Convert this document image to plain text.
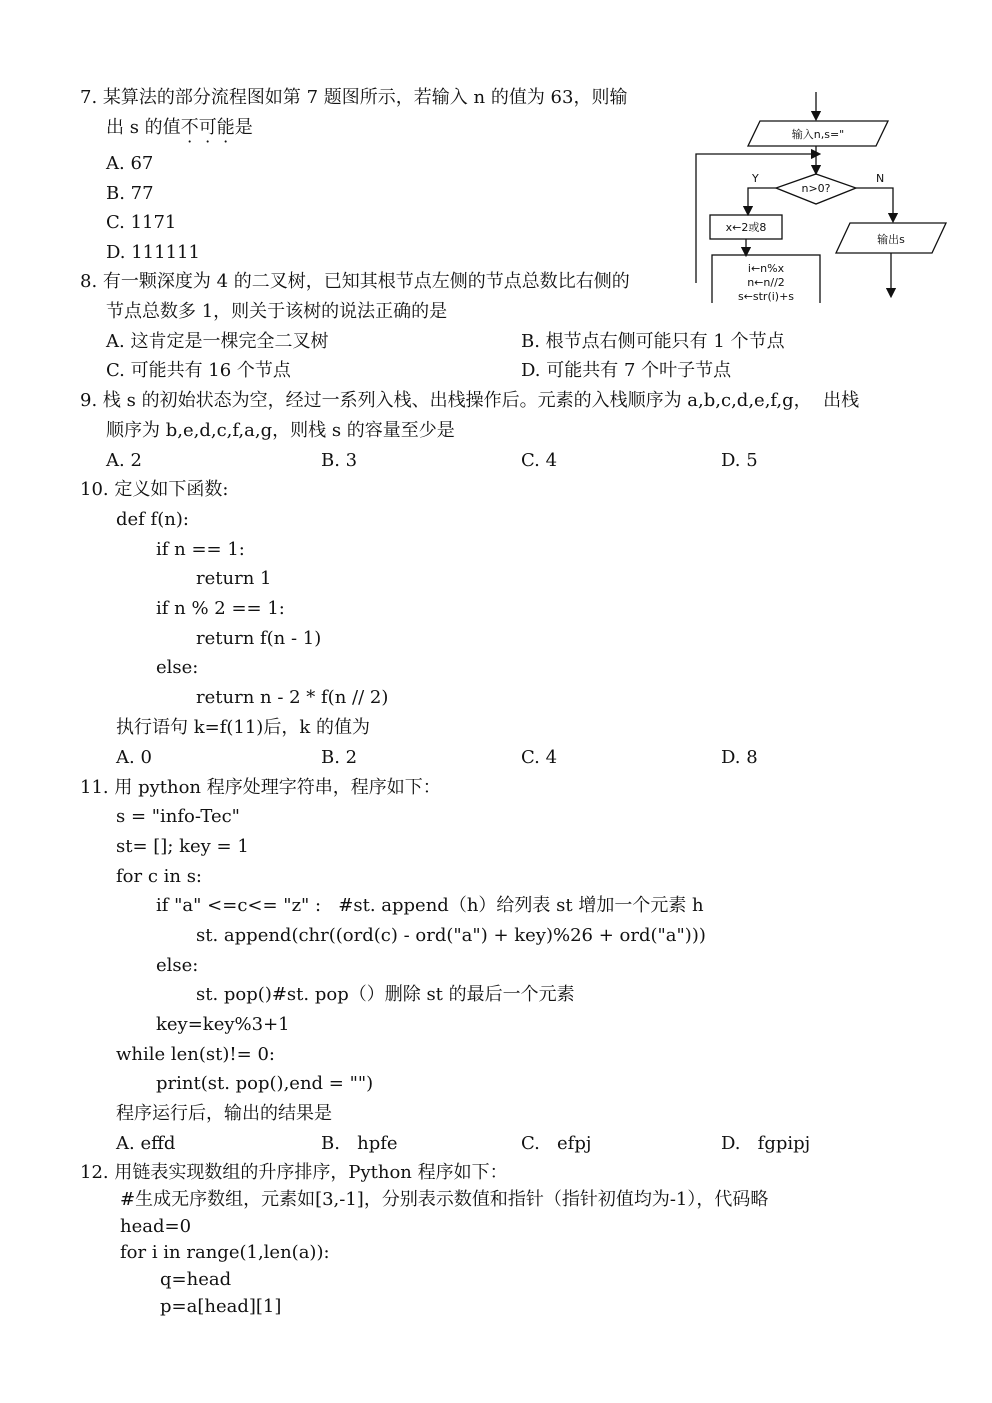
7. 某算法的部分流程图如第 7 题图所示，若输入 n 的值为 63，则输
出 s 的值不可能是
A. 67
B. 77
C. 1171
D. 111111
输入n,s="
n>0?
Y	N
x←2或8
i←n%x
n←n//2
s←str(i)+s
输出s
8. 有一颗深度为 4 的二叉树，已知其根节点左侧的节点总数比右侧的
节点总数多 1，则关于该树的说法正确的是
A. 这肯定是一棵完全二叉树	B. 根节点右侧可能只有 1 个节点
C. 可能共有 16 个节点	D. 可能共有 7 个叶子节点
9. 栈 s 的初始状态为空，经过一系列入栈、出栈操作后。元素的入栈顺序为 a,b,c,d,e,f,g，  出栈
顺序为 b,e,d,c,f,a,g，则栈 s 的容量至少是
A. 2	B. 3	C. 4	D. 5
10. 定义如下函数:
def f(n):
if n == 1:
return 1
if n % 2 == 1:
return f(n - 1)
else:
return n - 2 * f(n // 2)
执行语句 k=f(11)后，k 的值为
A. 0	B. 2	C. 4	D. 8
11. 用 python 程序处理字符串，程序如下：
s = "info-Tec"
st= []; key = 1
for c in s:
if "a" <=c<= "z" :   #st. append（h）给列表 st 增加一个元素 h
st. append(chr((ord(c) - ord("a") + key)%26 + ord("a")))
else:
st. pop()#st. pop（）删除 st 的最后一个元素
key=key%3+1
while len(st)!= 0:
print(st. pop(),end = "")
程序运行后，输出的结果是
A. effd	B.   hpfe	C.   efpj	D.   fgpipj
12. 用链表实现数组的升序排序，Python 程序如下：
#生成无序数组，元素如[3,-1]，分别表示数值和指针（指针初值均为-1），代码略
head=0
for i in range(1,len(a)):
q=head
p=a[head][1]
